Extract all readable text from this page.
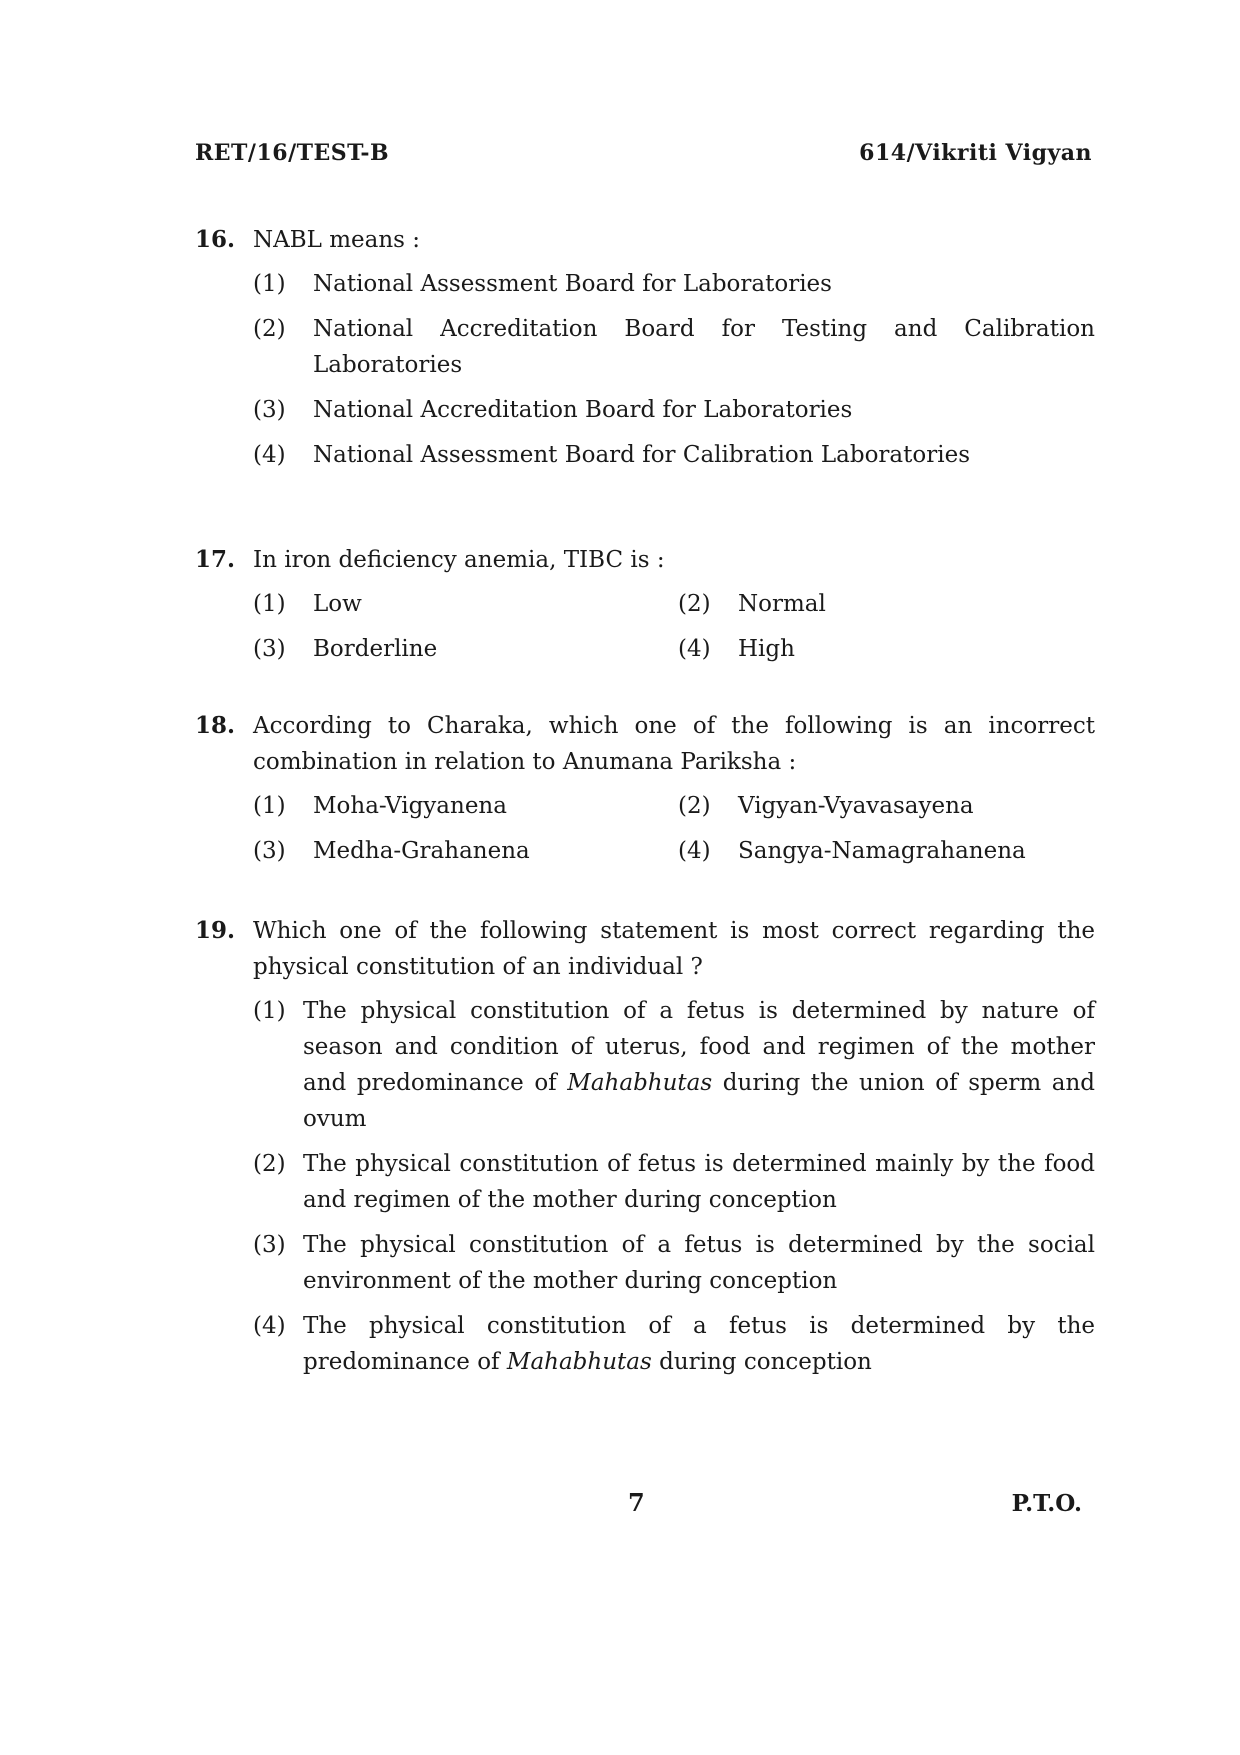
RET/16/TEST-B	614/Vikriti Vigyan
16. NABL means :
(1) National Assessment Board for Laboratories
(2) National Accreditation Board for Testing and Calibration Laboratories
(3) National Accreditation Board for Laboratories
(4) National Assessment Board for Calibration Laboratories
17. In iron deficiency anemia, TIBC is :
(1) Low	(2) Normal
(3) Borderline	(4) High
18. According to Charaka, which one of the following is an incorrect combination in relation to Anumana Pariksha :
(1) Moha-Vigyanena	(2) Vigyan-Vyavasayena
(3) Medha-Grahanena	(4) Sangya-Namagrahanena
19. Which one of the following statement is most correct regarding the physical constitution of an individual ?
(1) The physical constitution of a fetus is determined by nature of season and condition of uterus, food and regimen of the mother and predominance of Mahabhutas during the union of sperm and ovum
(2) The physical constitution of fetus is determined mainly by the food and regimen of the mother during conception
(3) The physical constitution of a fetus is determined by the social environment of the mother during conception
(4) The physical constitution of a fetus is determined by the predominance of Mahabhutas during conception
7	P.T.O.
